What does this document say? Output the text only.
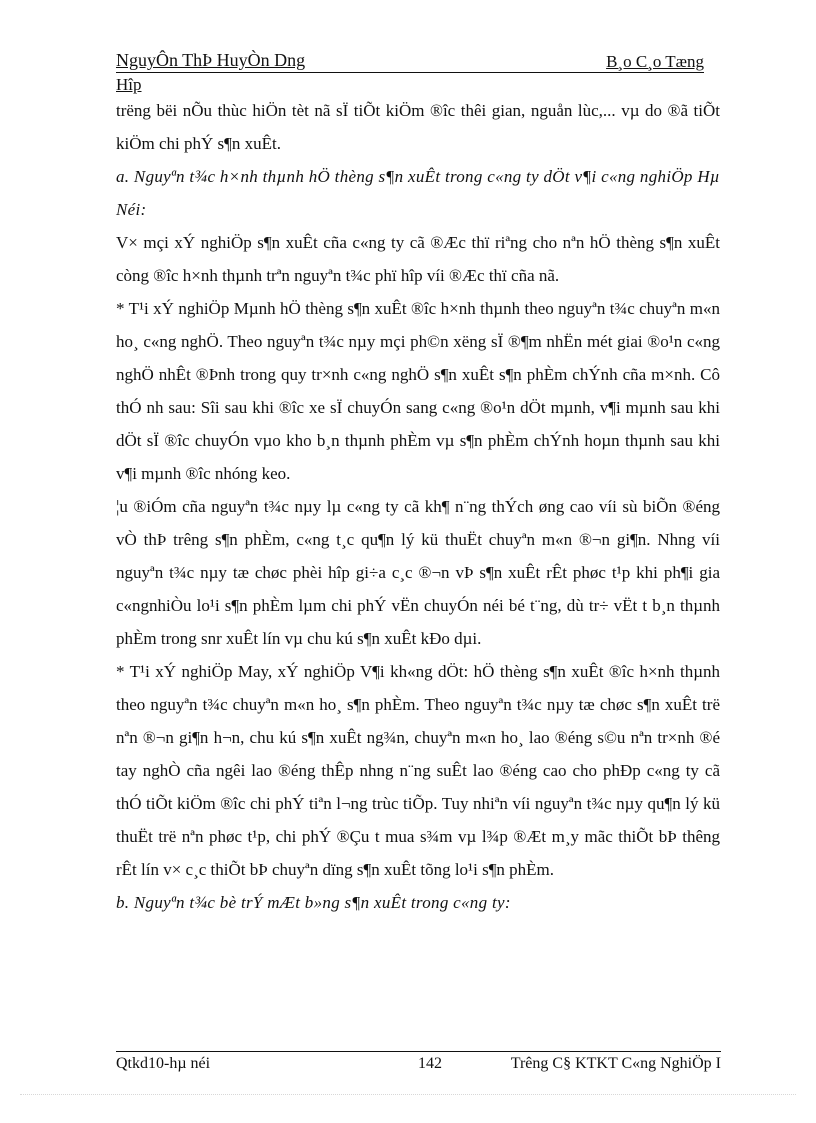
NguyÔn ThÞ HuyÒn Dng	B¸o C¸o Tæng
Hîp

trëng bëi nÕu thùc hiÖn tèt nã sÏ tiÕt kiÖm ®îc thêi gian, nguån lùc,... vµ do ®ã tiÕt kiÖm chi phÝ s¶n xuÊt.

a. Nguyªn t¾c h×nh thµnh hÖ thèng s¶n xuÊt trong c«ng ty dÖt v¶i c«ng nghiÖp Hµ Néi:

V× mçi xÝ nghiÖp s¶n xuÊt cña c«ng ty cã ®Æc thï riªng cho nªn hÖ thèng s¶n xuÊt còng ®îc h×nh thµnh trªn nguyªn t¾c phï hîp víi ®Æc thï cña nã.

* T¹i xÝ nghiÖp Mµnh hÖ thèng s¶n xuÊt ®îc h×nh thµnh theo nguyªn t¾c chuyªn m«n ho¸ c«ng nghÖ. Theo nguyªn t¾c nµy mçi ph©n xëng sÏ ®¶m nhËn mét giai ®o¹n c«ng nghÖ nhÊt ®Þnh trong quy tr×nh c«ng nghÖ s¶n xuÊt s¶n phÈm chÝnh cña m×nh. Cô thÓ nh sau: Sîi sau khi ®îc xe sÏ chuyÓn sang c«ng ®o¹n dÖt mµnh, v¶i mµnh sau khi dÖt sÏ ®îc chuyÓn vµo kho b¸n thµnh phÈm vµ s¶n phÈm chÝnh hoµn thµnh sau khi v¶i mµnh ®îc nhóng keo.

¦u ®iÓm cña nguyªn t¾c nµy lµ c«ng ty cã kh¶ n¨ng thÝch øng cao víi sù biÕn ®éng vÒ thÞ trêng s¶n phÈm, c«ng t¸c qu¶n lý kü thuËt chuyªn m«n ®¬n gi¶n. Nhng víi nguyªn t¾c nµy tæ chøc phèi hîp gi÷a c¸c ®¬n vÞ s¶n xuÊt rÊt phøc t¹p khi ph¶i gia c«ngnhiÒu lo¹i s¶n phÈm lµm chi phÝ vËn chuyÓn néi bé t¨ng, dù tr÷ vËt t b¸n thµnh phÈm trong snr xuÊt lín vµ chu kú s¶n xuÊt kÐo dµi.

* T¹i xÝ nghiÖp May, xÝ nghiÖp V¶i kh«ng dÖt: hÖ thèng s¶n xuÊt ®îc h×nh thµnh theo nguyªn t¾c chuyªn m«n ho¸ s¶n phÈm. Theo nguyªn t¾c nµy tæ chøc s¶n xuÊt trë nªn ®¬n gi¶n h¬n, chu kú s¶n xuÊt ng¾n, chuyªn m«n ho¸ lao ®éng s©u nªn tr×nh ®é tay nghÒ cña ngêi lao ®éng thÊp nhng n¨ng suÊt lao ®éng cao cho phÐp c«ng ty cã thÓ tiÕt kiÖm ®îc chi phÝ tiªn l¬ng trùc tiÕp. Tuy nhiªn víi nguyªn t¾c nµy qu¶n lý kü thuËt trë nªn phøc t¹p, chi phÝ ®Çu t mua s¾m vµ l¾p ®Æt m¸y mãc thiÕt bÞ thêng rÊt lín v× c¸c thiÕt bÞ chuyªn dïng s¶n xuÊt tõng lo¹i s¶n phÈm.

b. Nguyªn t¾c bè trÝ mÆt b»ng s¶n xuÊt trong c«ng ty:

Qtkd10-hµ néi	142	Trêng C§ KTKT C«ng NghiÖp I
